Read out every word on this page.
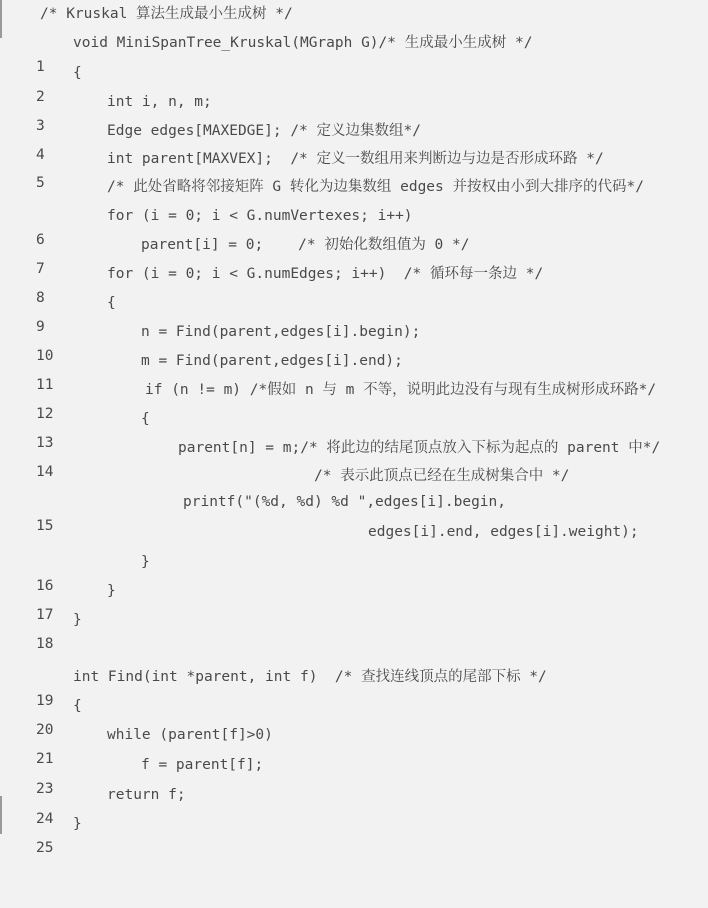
/* Kruskal 算法生成最小生成树 */

1

void MiniSpanTree_Kruskal(MGraph G)/* 生成最小生成树 */

2

{

3

int i, n, m;

4

Edge edges[MAXEDGE]; /* 定义边集数组*/

5

int parent[MAXVEX];  /* 定义一数组用来判断边与边是否形成环路 */

/* 此处省略将邻接矩阵 G 转化为边集数组 edges 并按权由小到大排序的代码*/

6

for (i = 0; i < G.numVertexes; i++)

7

parent[i] = 0;    /* 初始化数组值为 0 */

8

for (i = 0; i < G.numEdges; i++)  /* 循环每一条边 */

9

{

10

n = Find(parent,edges[i].begin);

11

m = Find(parent,edges[i].end);

12

if (n != m) /*假如 n 与 m 不等，说明此边没有与现有生成树形成环路*/

13

{

14

parent[n] = m;/* 将此边的结尾顶点放入下标为起点的 parent 中*/

/* 表示此顶点已经在生成树集合中 */

15

printf("(%d, %d) %d ",edges[i].begin,

edges[i].end, edges[i].weight);

16

}

17

}

18

}

19

int Find(int *parent, int f)  /* 查找连线顶点的尾部下标 */

20

{

21

while (parent[f]>0)

23

f = parent[f];

24

return f;

25

}
